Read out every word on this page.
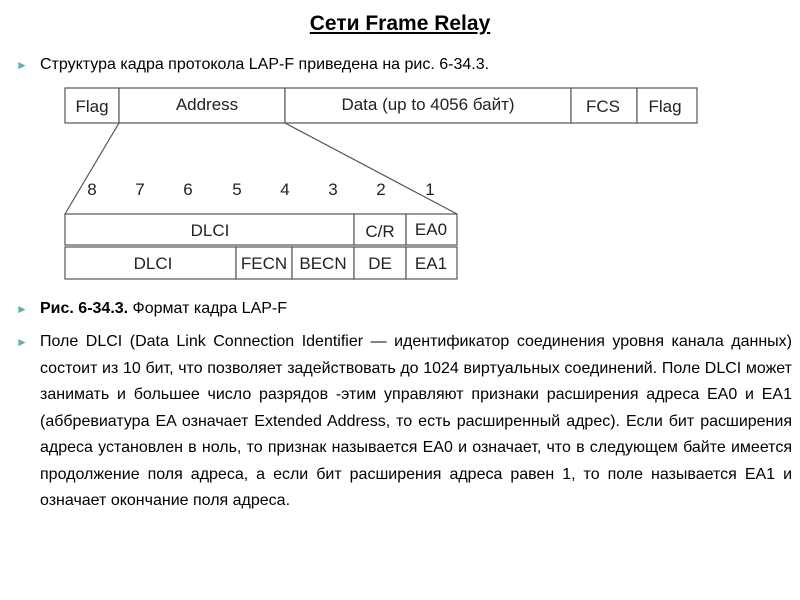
Сети Frame Relay
► Структура кадра протокола LAP-F приведена на рис. 6-34.3.
Flag	Address	Data (up to 4056 байт)	FCS Flag
8 7 6 5 4 3 2 1
DLCI	C/R EA0
DLCI	FECN BECN DE EA1
► Рис. 6-34.3. Формат кадра LAP-F
► Поле DLCI (Data Link Connection Identifier — идентификатор соединения уровня канала данных) состоит из 10 бит, что позволяет задействовать до 1024 виртуальных соединений. Поле DLCI может занимать и большее число разрядов -этим управляют признаки расширения адреса EA0 и EA1 (аббревиатура EA означает Extended Address, то есть расширенный адрес). Если бит расширения адреса установлен в ноль, то признак называется EA0 и означает, что в следующем байте имеется продолжение поля адреса, а если бит расширения адреса равен 1, то поле называется EA1 и означает окончание поля адреса.
